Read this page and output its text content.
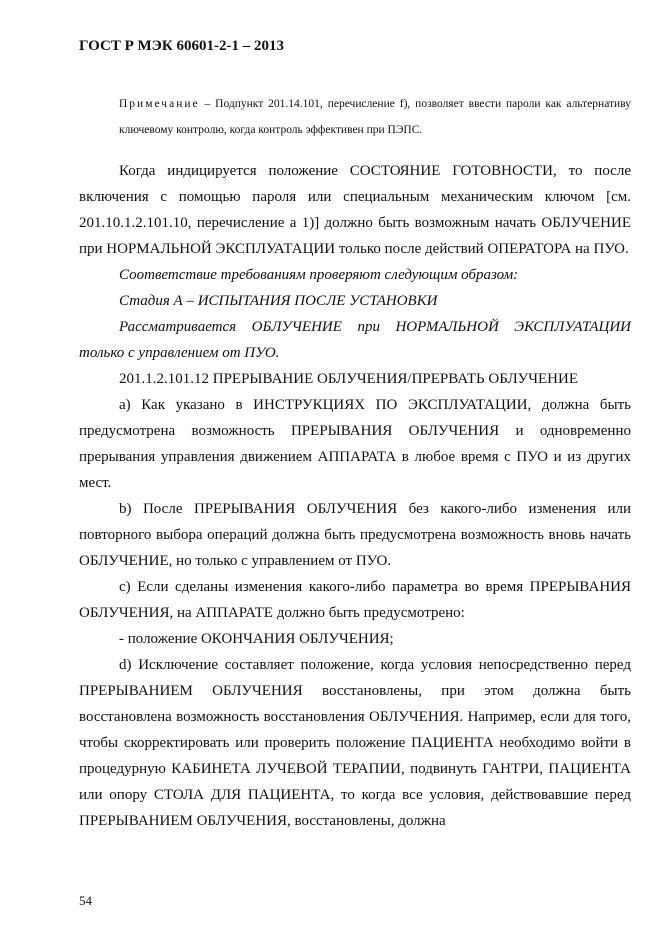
ГОСТ Р МЭК 60601-2-1 – 2013
Примечание – Подпункт 201.14.101, перечисление f), позволяет ввести пароли как альтернативу ключевому контролю, когда контроль эффективен при ПЭПС.

Когда индицируется положение СОСТОЯНИЕ ГОТОВНОСТИ, то после включения с помощью пароля или специальным механическим ключом [см. 201.10.1.2.101.10, перечисление а 1)] должно быть возможным начать ОБЛУЧЕНИЕ при НОРМАЛЬНОЙ ЭКСПЛУАТАЦИИ только после действий ОПЕРАТОРА на ПУО.

Соответствие требованиям проверяют следующим образом:

Стадия А – ИСПЫТАНИЯ ПОСЛЕ УСТАНОВКИ

Рассматривается ОБЛУЧЕНИЕ при НОРМАЛЬНОЙ ЭКСПЛУАТАЦИИ только с управлением от ПУО.

201.1.2.101.12 ПРЕРЫВАНИЕ ОБЛУЧЕНИЯ/ПРЕРВАТЬ ОБЛУЧЕНИЕ

a) Как указано в ИНСТРУКЦИЯХ ПО ЭКСПЛУАТАЦИИ, должна быть предусмотрена возможность ПРЕРЫВАНИЯ ОБЛУЧЕНИЯ и одновременно прерывания управления движением АППАРАТА в любое время с ПУО и из других мест.

b) После ПРЕРЫВАНИЯ ОБЛУЧЕНИЯ без какого-либо изменения или повторного выбора операций должна быть предусмотрена возможность вновь начать ОБЛУЧЕНИЕ, но только с управлением от ПУО.

c) Если сделаны изменения какого-либо параметра во время ПРЕРЫВАНИЯ ОБЛУЧЕНИЯ, на АППАРАТЕ должно быть предусмотрено:

- положение ОКОНЧАНИЯ ОБЛУЧЕНИЯ;

d) Исключение составляет положение, когда условия непосредственно перед ПРЕРЫВАНИЕМ ОБЛУЧЕНИЯ восстановлены, при этом должна быть восстановлена возможность восстановления ОБЛУЧЕНИЯ. Например, если для того, чтобы скорректировать или проверить положение ПАЦИЕНТА необходимо войти в процедурную КАБИНЕТА ЛУЧЕВОЙ ТЕРАПИИ, подвинуть ГАНТРИ, ПАЦИЕНТА или опору СТОЛА ДЛЯ ПАЦИЕНТА, то когда все условия, действовавшие перед ПРЕРЫВАНИЕМ ОБЛУЧЕНИЯ, восстановлены, должна

54
